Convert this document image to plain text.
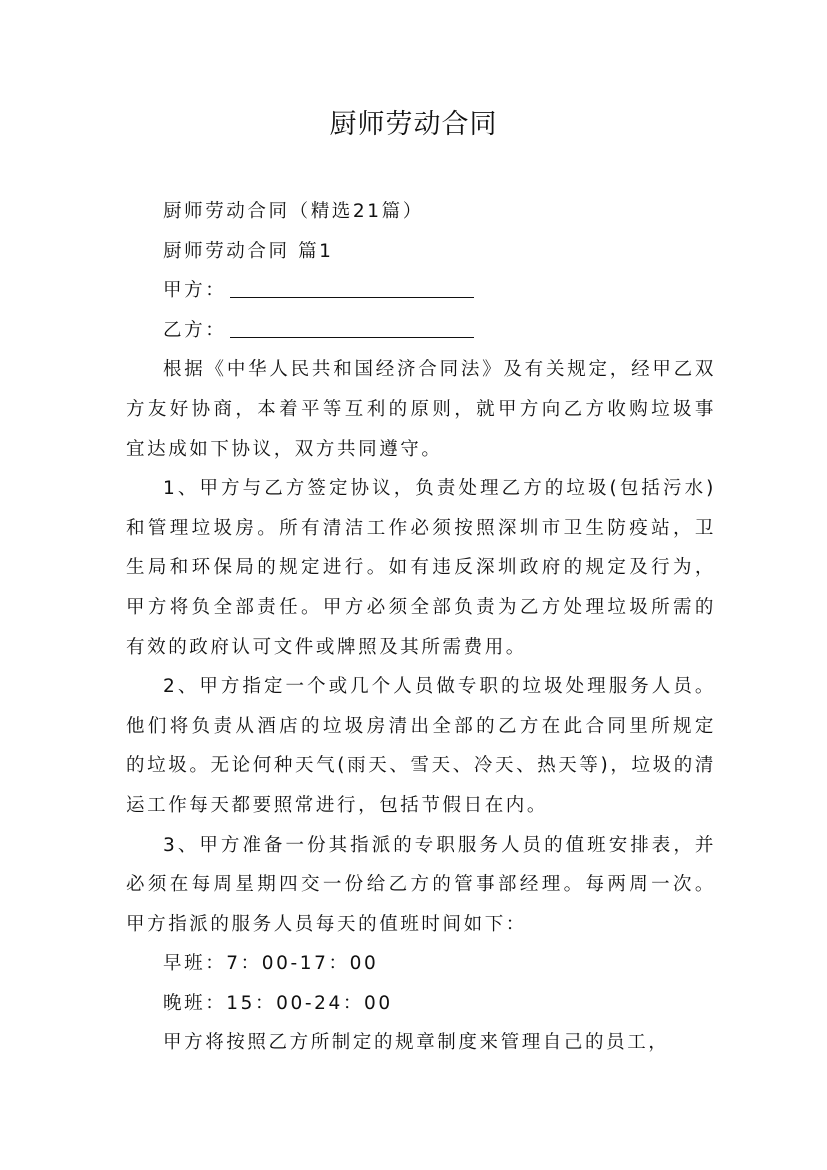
厨师劳动合同

厨师劳动合同（精选21篇）

厨师劳动合同 篇1

甲方：

乙方：

根据《中华人民共和国经济合同法》及有关规定，经甲乙双方友好协商，本着平等互利的原则，就甲方向乙方收购垃圾事宜达成如下协议，双方共同遵守。

1、甲方与乙方签定协议，负责处理乙方的垃圾(包括污水)和管理垃圾房。所有清洁工作必须按照深圳市卫生防疫站，卫生局和环保局的规定进行。如有违反深圳政府的规定及行为，甲方将负全部责任。甲方必须全部负责为乙方处理垃圾所需的有效的政府认可文件或牌照及其所需费用。

2、甲方指定一个或几个人员做专职的垃圾处理服务人员。他们将负责从酒店的垃圾房清出全部的乙方在此合同里所规定的垃圾。无论何种天气(雨天、雪天、冷天、热天等)，垃圾的清运工作每天都要照常进行，包括节假日在内。

3、甲方准备一份其指派的专职服务人员的值班安排表，并必须在每周星期四交一份给乙方的管事部经理。每两周一次。甲方指派的服务人员每天的值班时间如下：

早班：7：00-17：00

晚班：15：00-24：00

甲方将按照乙方所制定的规章制度来管理自己的员工，
